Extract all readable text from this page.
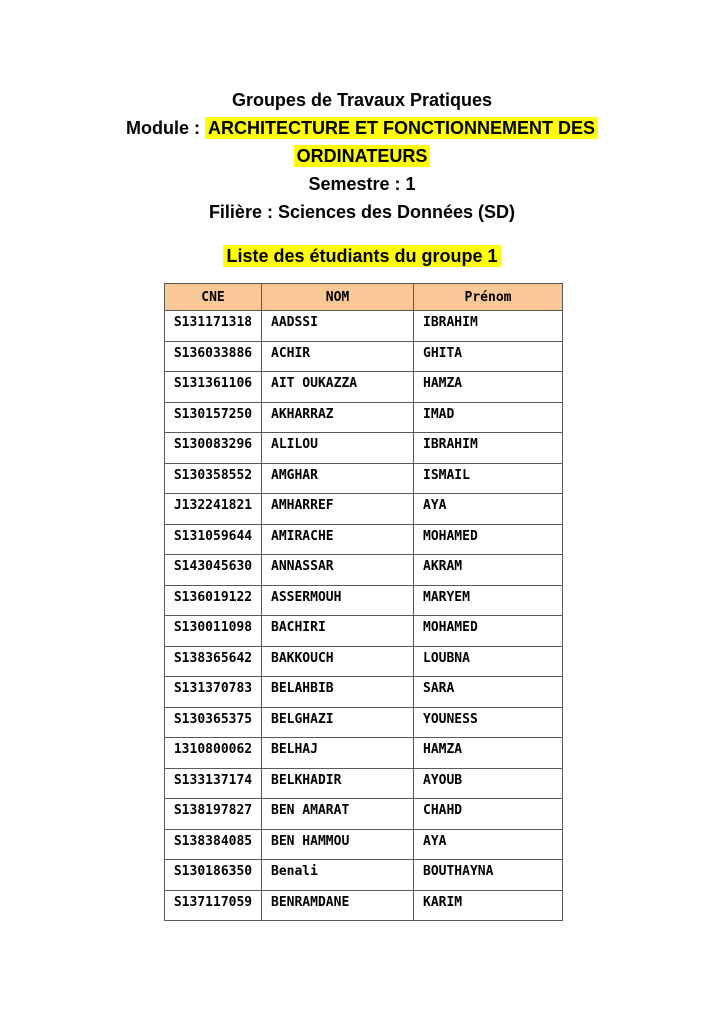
Groupes de Travaux Pratiques
Module : ARCHITECTURE ET FONCTIONNEMENT DES
ORDINATEURS
Semestre : 1
Filière : Sciences des Données (SD)
Liste des étudiants du groupe 1
CNE	NOM	Prénom
S131171318	AADSSI	IBRAHIM
S136033886	ACHIR	GHITA
S131361106	AIT OUKAZZA	HAMZA
S130157250	AKHARRAZ	IMAD
S130083296	ALILOU	IBRAHIM
S130358552	AMGHAR	ISMAIL
J132241821	AMHARREF	AYA
S131059644	AMIRACHE	MOHAMED
S143045630	ANNASSAR	AKRAM
S136019122	ASSERMOUH	MARYEM
S130011098	BACHIRI	MOHAMED
S138365642	BAKKOUCH	LOUBNA
S131370783	BELAHBIB	SARA
S130365375	BELGHAZI	YOUNESS
1310800062	BELHAJ	HAMZA
S133137174	BELKHADIR	AYOUB
S138197827	BEN AMARAT	CHAHD
S138384085	BEN HAMMOU	AYA
S130186350	Benali	BOUTHAYNA
S137117059	BENRAMDANE	KARIM
